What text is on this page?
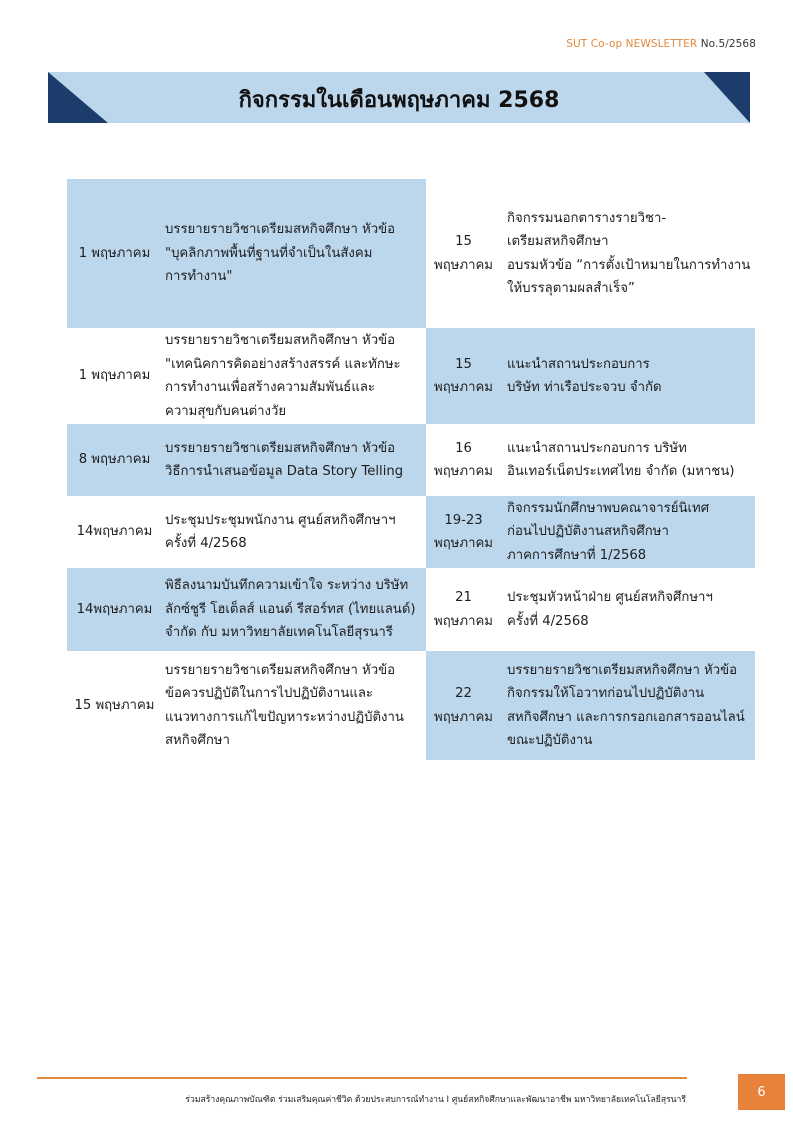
SUT Co-op NEWSLETTER No.5/2568
กิจกรรมในเดือนพฤษภาคม 2568
1 พฤษภาคม
บรรยายรายวิชาเตรียมสหกิจศึกษา หัวข้อ
"บุคลิกภาพพื้นที่ฐานที่จำเป็นในสังคม
การทำงาน"
15
พฤษภาคม
กิจกรรมนอกตารางรายวิชา-
เตรียมสหกิจศึกษา
อบรมหัวข้อ “การตั้งเป้าหมายในการทำงาน
ให้บรรลุตามผลสำเร็จ”
1 พฤษภาคม
บรรยายรายวิชาเตรียมสหกิจศึกษา หัวข้อ
"เทคนิคการคิดอย่างสร้างสรรค์ และทักษะ
การทำงานเพื่อสร้างความสัมพันธ์และ
ความสุขกับคนต่างวัย
15
พฤษภาคม
แนะนำสถานประกอบการ
บริษัท ท่าเรือประจวบ จำกัด
8 พฤษภาคม
บรรยายรายวิชาเตรียมสหกิจศึกษา หัวข้อ
วิธีการนำเสนอข้อมูล Data Story Telling
16
พฤษภาคม
แนะนำสถานประกอบการ บริษัท
อินเทอร์เน็ตประเทศไทย จำกัด (มหาชน)
14พฤษภาคม
ประชุมประชุมพนักงาน ศูนย์สหกิจศึกษาฯ
ครั้งที่ 4/2568
19-23
พฤษภาคม
กิจกรรมนักศึกษาพบคณาจารย์นิเทศ
ก่อนไปปฏิบัติงานสหกิจศึกษา
ภาคการศึกษาที่ 1/2568
14พฤษภาคม
พิธีลงนามบันทึกความเข้าใจ ระหว่าง บริษัท
ลักซ์ชูรี โฮเต็ลส์ แอนด์ รีสอร์ทส (ไทยแลนด์)
จำกัด กับ มหาวิทยาลัยเทคโนโลยีสุรนารี
21
พฤษภาคม
ประชุมหัวหน้าฝ่าย ศูนย์สหกิจศึกษาฯ
ครั้งที่ 4/2568
15 พฤษภาคม
บรรยายรายวิชาเตรียมสหกิจศึกษา หัวข้อ
ข้อควรปฏิบัติในการไปปฏิบัติงานและ
แนวทางการแก้ไขปัญหาระหว่างปฏิบัติงาน
สหกิจศึกษา
22
พฤษภาคม
บรรยายรายวิชาเตรียมสหกิจศึกษา หัวข้อ
กิจกรรมให้โอวาทก่อนไปปฏิบัติงาน
สหกิจศึกษา และการกรอกเอกสารออนไลน์
ขณะปฏิบัติงาน
ร่วมสร้างคุณภาพบัณฑิต ร่วมเสริมคุณค่าชีวิต ด้วยประสบการณ์ทำงาน I ศูนย์สหกิจศึกษาและพัฒนาอาชีพ มหาวิทยาลัยเทคโนโลยีสุรนารี
6
